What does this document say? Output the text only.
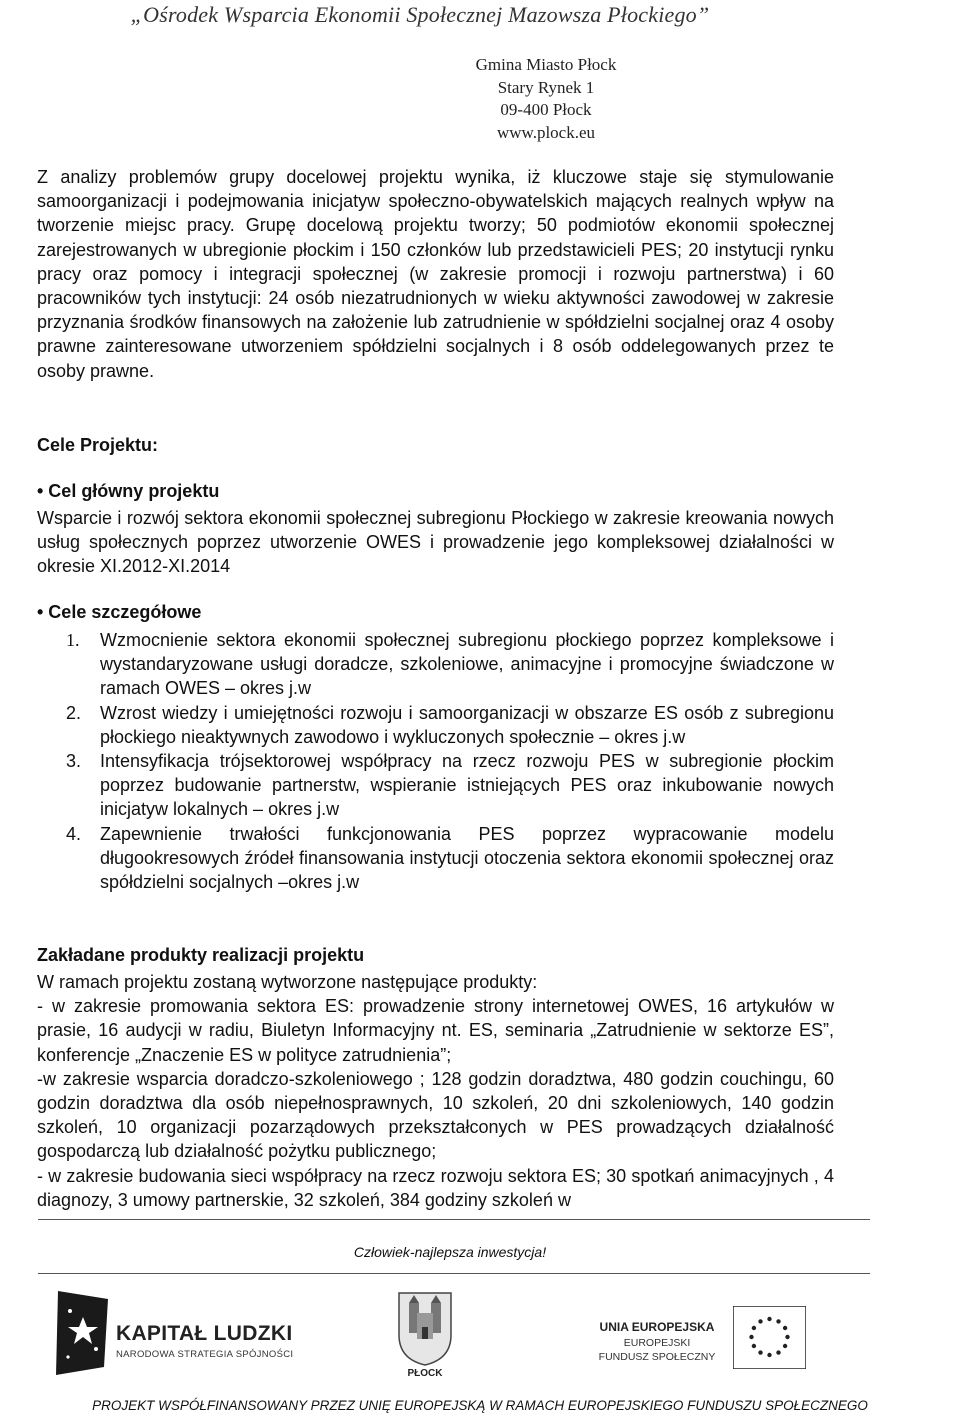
„Ośrodek Wsparcia Ekonomii Społecznej Mazowsza Płockiego”
Gmina Miasto Płock
Stary Rynek 1
09-400 Płock
www.plock.eu

Z analizy problemów grupy docelowej projektu wynika, iż kluczowe staje się stymulowanie samoorganizacji i podejmowania inicjatyw społeczno-obywatelskich mających realnych wpływ na tworzenie miejsc pracy. Grupę docelową projektu tworzy; 50 podmiotów ekonomii społecznej zarejestrowanych w ubregionie płockim i 150 członków lub przedstawicieli PES; 20 instytucji rynku pracy oraz pomocy i integracji społecznej (w zakresie promocji i rozwoju partnerstwa) i 60 pracowników tych instytucji: 24 osób niezatrudnionych w wieku aktywności zawodowej w zakresie przyznania środków finansowych na założenie lub zatrudnienie w spółdzielni socjalnej oraz 4 osoby prawne zainteresowane utworzeniem spółdzielni socjalnych i 8 osób oddelegowanych przez te osoby prawne.

Cele Projektu:
• Cel główny projektu

Wsparcie i rozwój sektora ekonomii społecznej subregionu Płockiego w zakresie kreowania nowych usług społecznych poprzez utworzenie OWES i prowadzenie jego kompleksowej działalności w okresie XI.2012-XI.2014

• Cele szczegółowe
1. Wzmocnienie sektora ekonomii społecznej subregionu płockiego poprzez kompleksowe i wystandaryzowane usługi doradcze, szkoleniowe, animacyjne i promocyjne świadczone w ramach OWES – okres j.w
2. Wzrost wiedzy i umiejętności rozwoju i samoorganizacji w obszarze ES osób z subregionu płockiego nieaktywnych zawodowo i wykluczonych społecznie – okres j.w
3. Intensyfikacja trójsektorowej współpracy na rzecz rozwoju PES w subregionie płockim poprzez budowanie partnerstw, wspieranie istniejących PES oraz inkubowanie nowych inicjatyw lokalnych – okres j.w
4. Zapewnienie trwałości funkcjonowania PES poprzez wypracowanie modelu długookresowych źródeł finansowania instytucji otoczenia sektora ekonomii społecznej oraz spółdzielni socjalnych –okres j.w
Zakładane produkty realizacji projektu
W ramach projektu zostaną wytworzone następujące produkty:
- w zakresie promowania sektora ES: prowadzenie strony internetowej OWES, 16 artykułów w prasie, 16 audycji w radiu, Biuletyn Informacyjny nt. ES, seminaria „Zatrudnienie w sektorze ES”, konferencje „Znaczenie ES w polityce zatrudnienia”;
-w zakresie wsparcia doradczo-szkoleniowego ; 128 godzin doradztwa, 480 godzin couchingu, 60 godzin doradztwa dla osób niepełnosprawnych, 10 szkoleń, 20 dni szkoleniowych, 140 godzin szkoleń, 10 organizacji pozarządowych przekształconych w PES prowadzących działalność gospodarczą lub działalność pożytku publicznego;
- w zakresie budowania sieci współpracy na rzecz rozwoju sektora ES; 30 spotkań animacyjnych , 4 diagnozy, 3 umowy partnerskie, 32 szkoleń, 384 godziny szkoleń w
Człowiek-najlepsza inwestycja!
KAPITAŁ LUDZKI
NARODOWA STRATEGIA SPÓJNOŚCI
PŁOCK
UNIA EUROPEJSKA
EUROPEJSKI
FUNDUSZ SPOŁECZNY
PROJEKT WSPÓŁFINANSOWANY PRZEZ UNIĘ EUROPEJSKĄ W RAMACH EUROPEJSKIEGO FUNDUSZU SPOŁECZNEGO
